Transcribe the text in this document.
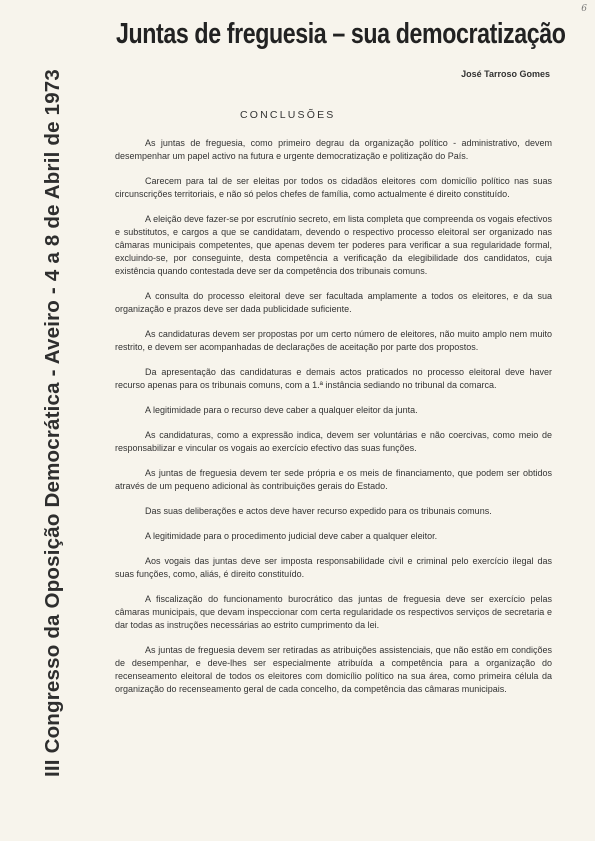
6
III Congresso da Oposição Democrática - Aveiro - 4 a 8 de Abril de 1973
Juntas de freguesia – sua democratização
José Tarroso Gomes
CONCLUSÕES

As juntas de freguesia, como primeiro degrau da organização político - administrativo, devem desempenhar um papel activo na futura e urgente democratização e politização do País.

Carecem para tal de ser eleitas por todos os cidadãos eleitores com domicílio político nas suas circunscrições territoriais, e não só pelos chefes de família, como actualmente é direito constituído.

A eleição deve fazer-se por escrutínio secreto, em lista completa que compreenda os vogais efectivos e substitutos, e cargos a que se candidatam, devendo o respectivo processo eleitoral ser organizado nas câmaras municipais competentes, que apenas devem ter poderes para verificar a sua regularidade formal, excluindo-se, por conseguinte, desta competência a verificação da elegibilidade dos candidatos, cuja existência quando contestada deve ser da competência dos tribunais comuns.

A consulta do processo eleitoral deve ser facultada amplamente a todos os eleitores, e da sua organização e prazos deve ser dada publicidade suficiente.

As candidaturas devem ser propostas por um certo número de eleitores, não muito amplo nem muito restrito, e devem ser acompanhadas de declarações de aceitação por parte dos propostos.

Da apresentação das candidaturas e demais actos praticados no processo eleitoral deve haver recurso apenas para os tribunais comuns, com a 1.ª instância sediando no tribunal da comarca.

A legitimidade para o recurso deve caber a qualquer eleitor da junta.

As candidaturas, como a expressão indica, devem ser voluntárias e não coercivas, como meio de responsabilizar e vincular os vogais ao exercício efectivo das suas funções.

As juntas de freguesia devem ter sede própria e os meis de financiamento, que podem ser obtidos através de um pequeno adicional às contribuições gerais do Estado.

Das suas deliberações e actos deve haver recurso expedido para os tribunais comuns.

A legitimidade para o procedimento judicial deve caber a qualquer eleitor.

Aos vogais das juntas deve ser imposta responsabilidade civil e criminal pelo exercício ilegal das suas funções, como, aliás, é direito constituído.

A fiscalização do funcionamento burocrático das juntas de freguesia deve ser exercício pelas câmaras municipais, que devam inspeccionar com certa regularidade os respectivos serviços de secretaria e dar todas as instruções necessárias ao estrito cumprimento da lei.

As juntas de freguesia devem ser retiradas as atribuições assistenciais, que não estão em condições de desempenhar, e deve-lhes ser especialmente atribuída a competência para a organização do recenseamento eleitoral de todos os eleitores com domicílio político na sua área, como primeira célula da organização do recenseamento geral de cada concelho, da competência das câmaras municipais.
